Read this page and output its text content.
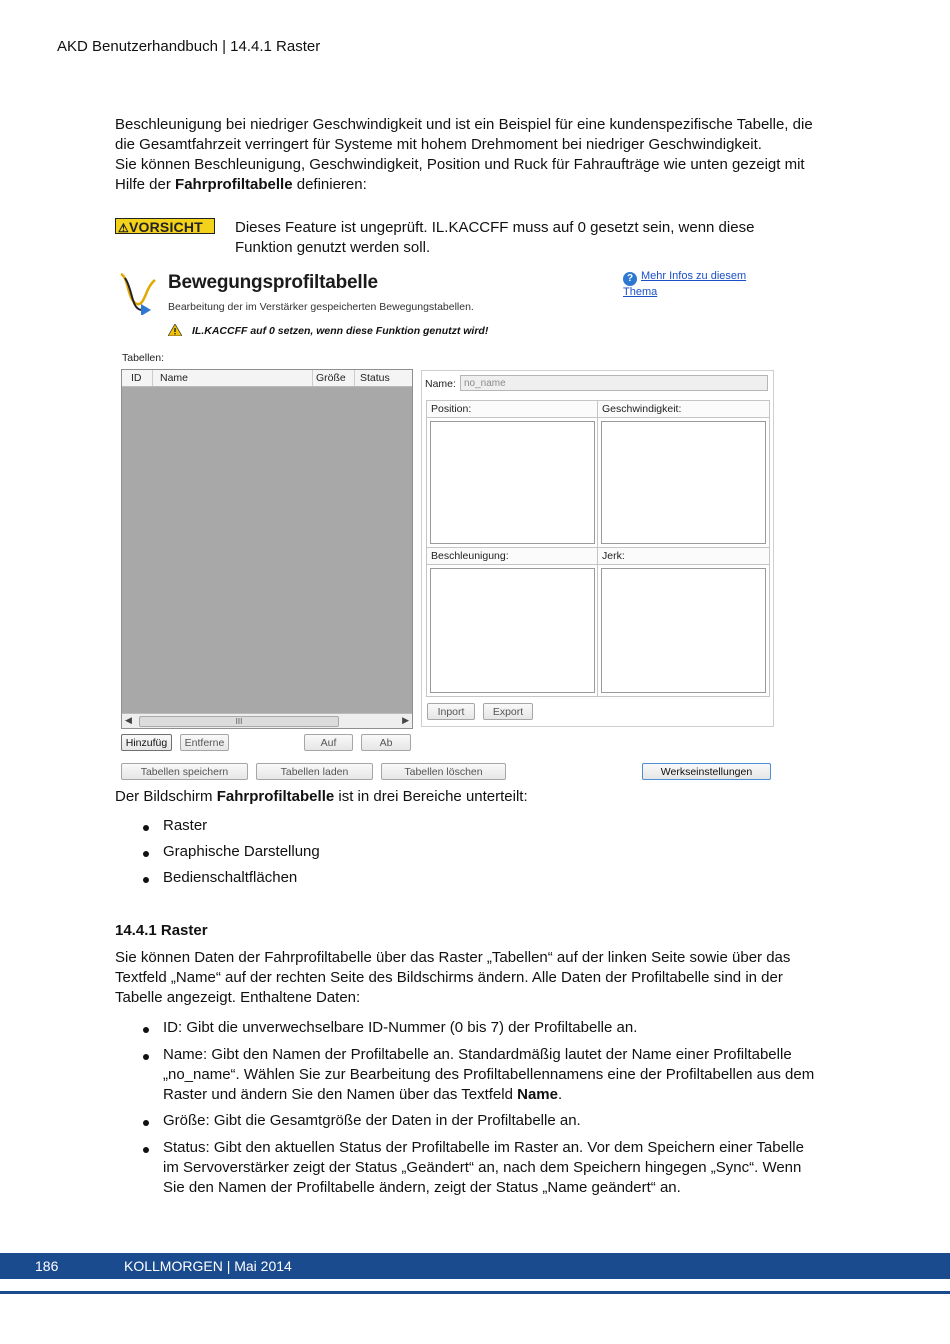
AKD Benutzerhandbuch | 14.4.1 Raster
Beschleunigung bei niedriger Geschwindigkeit und ist ein Beispiel für eine kundenspezifische Tabelle, die
die Gesamtfahrzeit verringert für Systeme mit hohem Drehmoment bei niedriger Geschwindigkeit.
Sie können Beschleunigung, Geschwindigkeit, Position und Ruck für Fahraufträge wie unten gezeigt mit
Hilfe der Fahrprofiltabelle definieren:
⚠VORSICHT	Dieses Feature ist ungeprüft. IL.KACCFF muss auf 0 gesetzt sein, wenn diese
Funktion genutzt werden soll.
Bewegungsprofiltabelle
Bearbeitung der im Verstärker gespeicherten Bewegungstabellen.
IL.KACCFF auf 0 setzen, wenn diese Funktion genutzt wird!
? Mehr Infos zu diesem Thema
Tabellen:
ID Name	Größe Status
◀	III	▶
Name: no_name
Position:	Geschwindigkeit:
Beschleunigung:	Jerk:
Inport	Export
Hinzufüg	Entferne	Auf	Ab
Tabellen speichern	Tabellen laden	Tabellen löschen	Werkseinstellungen
Der Bildschirm Fahrprofiltabelle ist in drei Bereiche unterteilt:
Raster
Graphische Darstellung
Bedienschaltflächen
14.4.1 Raster
Sie können Daten der Fahrprofiltabelle über das Raster „Tabellen“ auf der linken Seite sowie über das
Textfeld „Name“ auf der rechten Seite des Bildschirms ändern. Alle Daten der Profiltabelle sind in der
Tabelle angezeigt. Enthaltene Daten:
ID: Gibt die unverwechselbare ID-Nummer (0 bis 7) der Profiltabelle an.
Name: Gibt den Namen der Profiltabelle an. Standardmäßig lautet der Name einer Profiltabelle
„no_name“. Wählen Sie zur Bearbeitung des Profiltabellennamens eine der Profiltabellen aus dem
Raster und ändern Sie den Namen über das Textfeld Name.
Größe: Gibt die Gesamtgröße der Daten in der Profiltabelle an.
Status: Gibt den aktuellen Status der Profiltabelle im Raster an. Vor dem Speichern einer Tabelle
im Servoverstärker zeigt der Status „Geändert“ an, nach dem Speichern hingegen „Sync“. Wenn
Sie den Namen der Profiltabelle ändern, zeigt der Status „Name geändert“ an.
186	KOLLMORGEN | Mai 2014
